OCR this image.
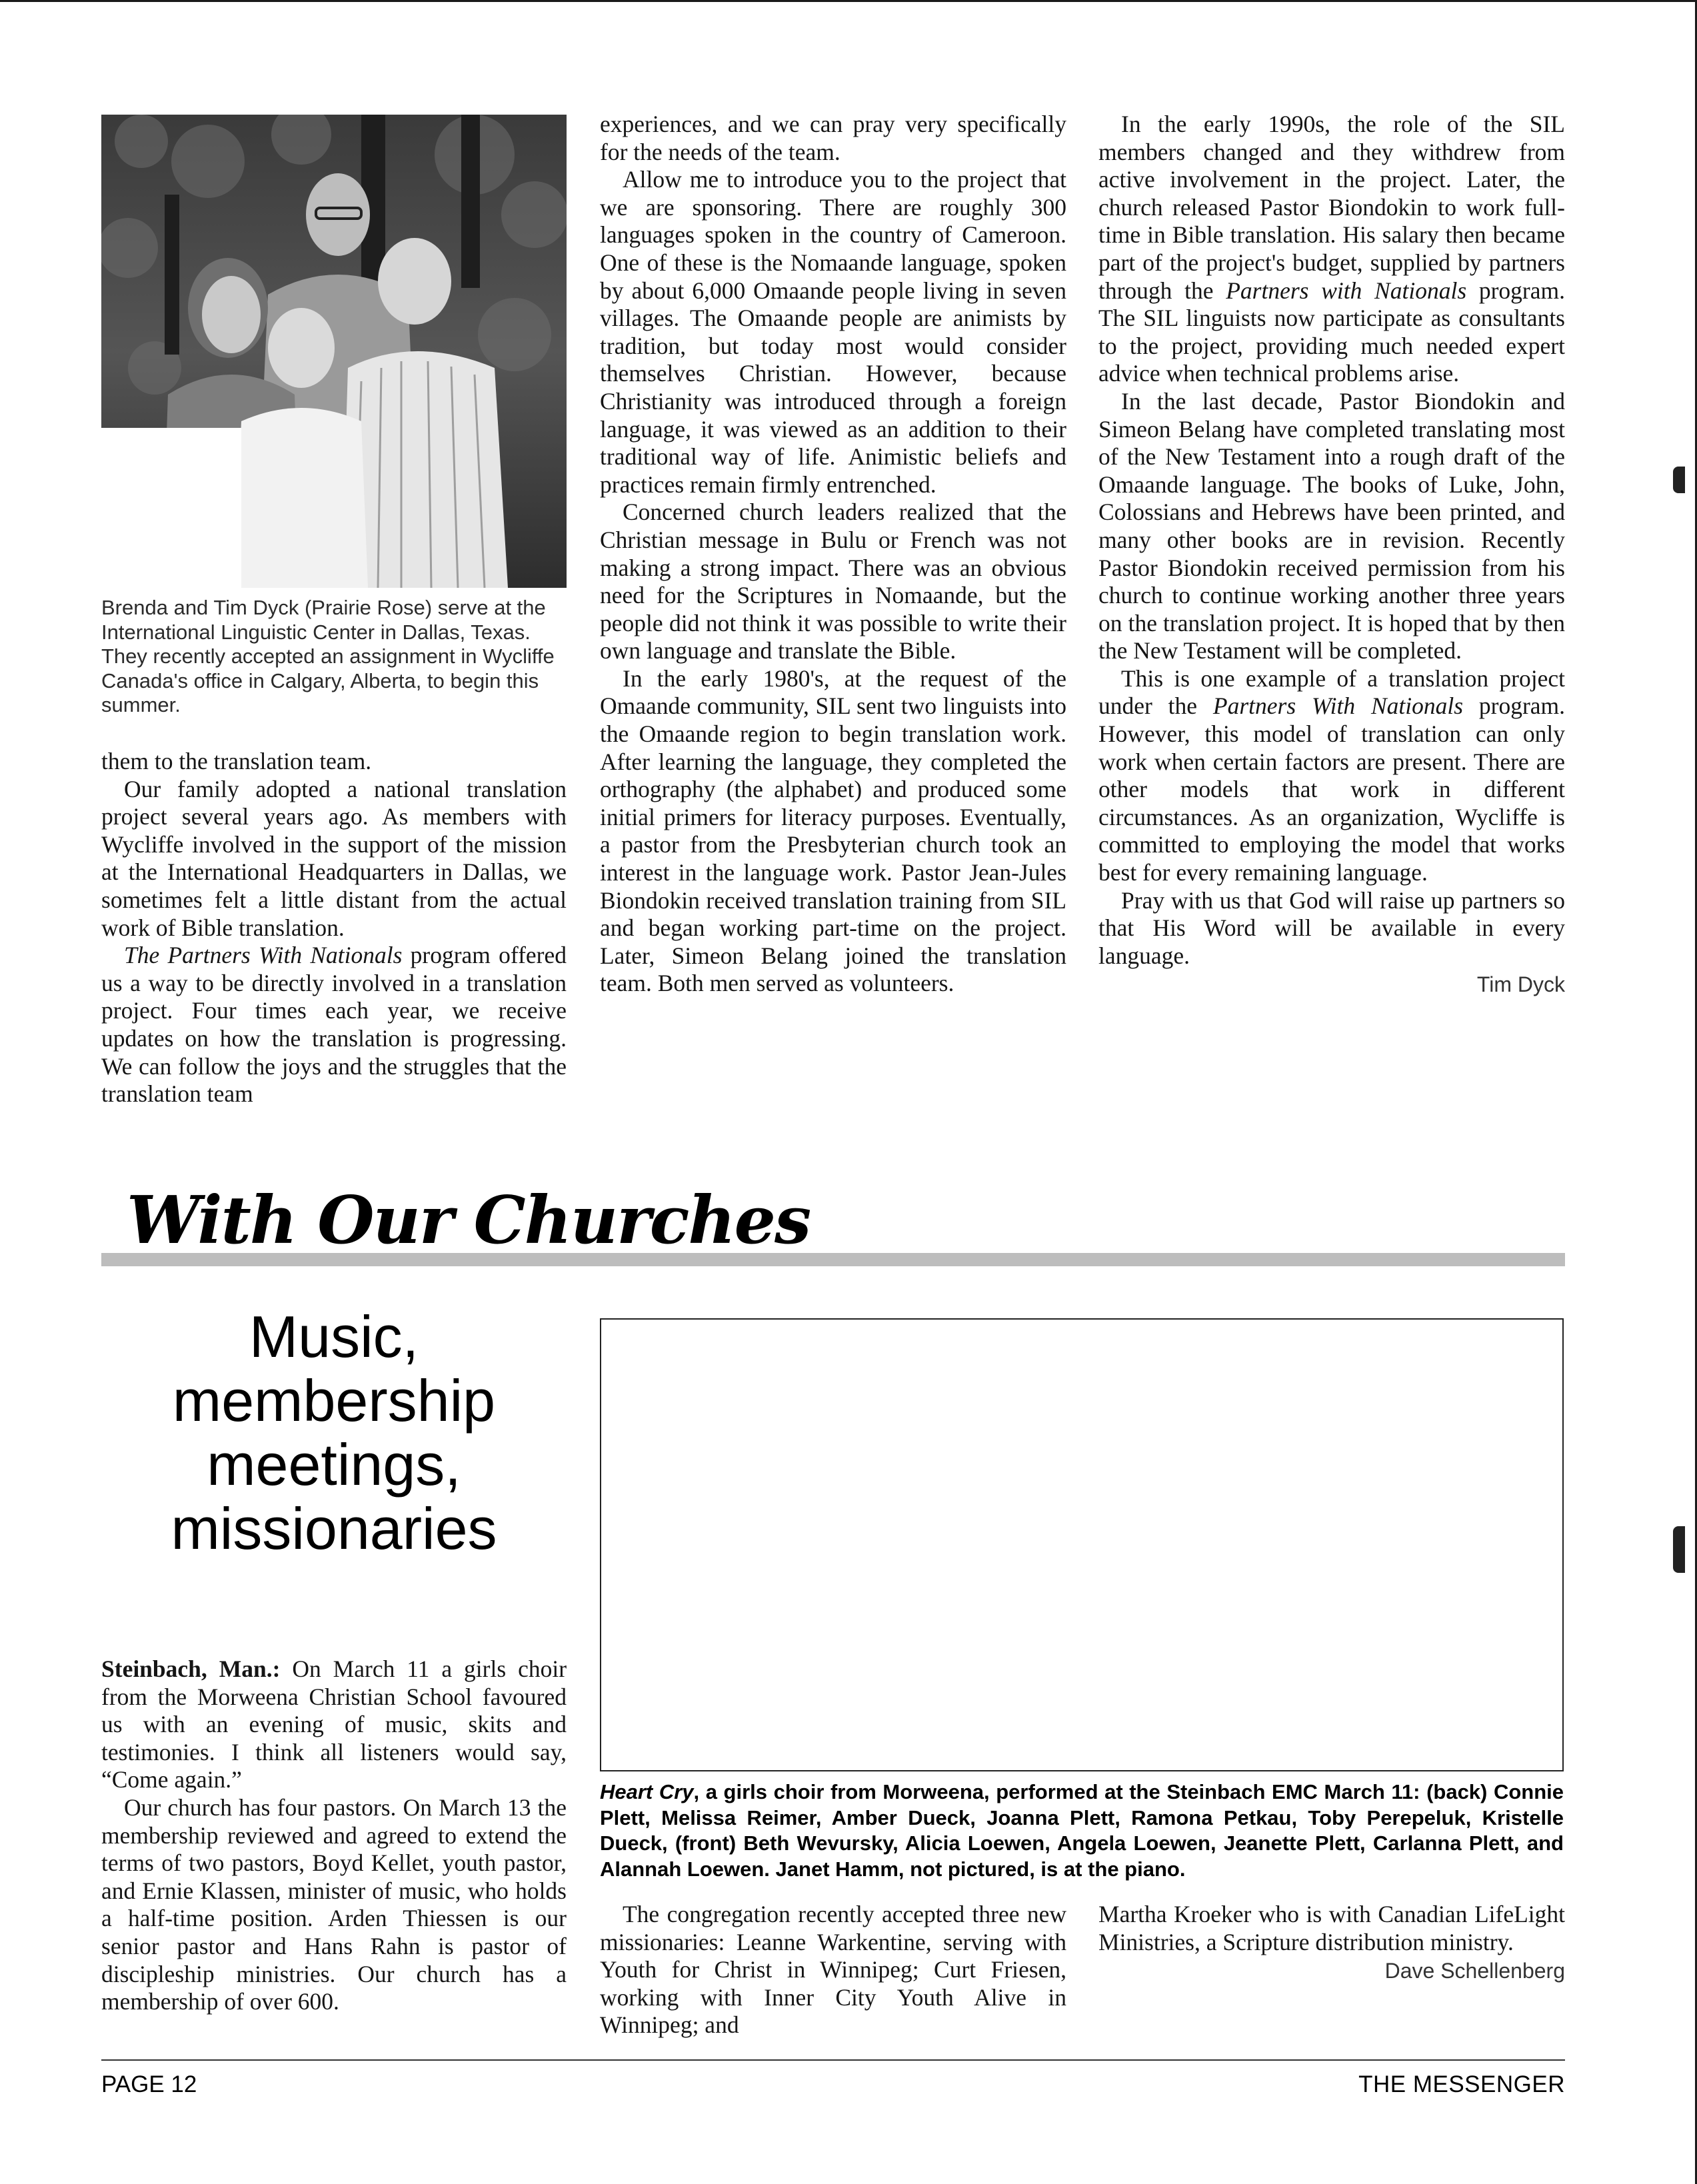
Brenda and Tim Dyck (Prairie Rose) serve at the International Linguistic Center in Dallas, Texas. They recently accepted an assignment in Wycliffe Canada's office in Calgary, Alberta, to begin this summer.

them to the translation team.

Our family adopted a national translation project several years ago. As members with Wycliffe involved in the support of the mission at the International Headquarters in Dallas, we sometimes felt a little distant from the actual work of Bible translation.

The Partners With Nationals program offered us a way to be directly involved in a translation project. Four times each year, we receive updates on how the translation is progressing. We can follow the joys and the struggles that the translation team

experiences, and we can pray very specifically for the needs of the team.

Allow me to introduce you to the project that we are sponsoring. There are roughly 300 languages spoken in the country of Cameroon. One of these is the Nomaande language, spoken by about 6,000 Omaande people living in seven villages. The Omaande people are animists by tradition, but today most would consider themselves Christian. However, because Christianity was introduced through a foreign language, it was viewed as an addition to their traditional way of life. Animistic beliefs and practices remain firmly entrenched.

Concerned church leaders realized that the Christian message in Bulu or French was not making a strong impact. There was an obvious need for the Scriptures in Nomaande, but the people did not think it was possible to write their own language and translate the Bible.

In the early 1980's, at the request of the Omaande community, SIL sent two linguists into the Omaande region to begin translation work. After learning the language, they completed the orthography (the alphabet) and produced some initial primers for literacy purposes. Eventually, a pastor from the Presbyterian church took an interest in the language work. Pastor Jean-Jules Biondokin received translation training from SIL and began working part-time on the project. Later, Simeon Belang joined the translation team. Both men served as volunteers.

In the early 1990s, the role of the SIL members changed and they withdrew from active involvement in the project. Later, the church released Pastor Biondokin to work full-time in Bible translation. His salary then became part of the project's budget, supplied by partners through the Partners with Nationals program. The SIL linguists now participate as consultants to the project, providing much needed expert advice when technical problems arise.

In the last decade, Pastor Biondokin and Simeon Belang have completed translating most of the New Testament into a rough draft of the Omaande language. The books of Luke, John, Colossians and Hebrews have been printed, and many other books are in revision. Recently Pastor Biondokin received permission from his church to continue working another three years on the translation project. It is hoped that by then the New Testament will be completed.

This is one example of a translation project under the Partners With Nationals program. However, this model of translation can only work when certain factors are present. There are other models that work in different circumstances. As an organization, Wycliffe is committed to employing the model that works best for every remaining language.

Pray with us that God will raise up partners so that His Word will be available in every language.

Tim Dyck

With Our Churches
Music, membership meetings, missionaries
Heart Cry, a girls choir from Morweena, performed at the Steinbach EMC March 11: (back) Connie Plett, Melissa Reimer, Amber Dueck, Joanna Plett, Ramona Petkau, Toby Perepeluk, Kristelle Dueck, (front) Beth Wevursky, Alicia Loewen, Angela Loewen, Jeanette Plett, Carlanna Plett, and Alannah Loewen. Janet Hamm, not pictured, is at the piano.

Steinbach, Man.: On March 11 a girls choir from the Morweena Christian School favoured us with an evening of music, skits and testimonies. I think all listeners would say, “Come again.”

Our church has four pastors. On March 13 the membership reviewed and agreed to extend the terms of two pastors, Boyd Kellet, youth pastor, and Ernie Klassen, minister of music, who holds a half-time position. Arden Thiessen is our senior pastor and Hans Rahn is pastor of discipleship ministries. Our church has a membership of over 600.

The congregation recently accepted three new missionaries: Leanne Warkentine, serving with Youth for Christ in Winnipeg; Curt Friesen, working with Inner City Youth Alive in Winnipeg; and

Martha Kroeker who is with Canadian LifeLight Ministries, a Scripture distribution ministry.

Dave Schellenberg

PAGE 12	THE MESSENGER
